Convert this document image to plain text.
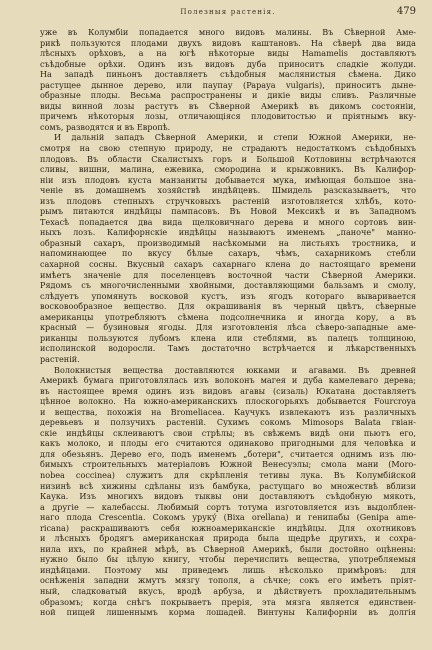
Полезныя растенія.	479
уже въ Колумбіи попадается много видовъ малины. Въ Сѣверной Аме-
рикѣ пользуются плодами двухъ видовъ каштановъ. На сѣверѣ два вида
лѣсныхъ орѣховъ, а на югѣ нѣкоторые виды Hamamelis доставляютъ
съѣдобные орѣхи. Одинъ изъ видовъ дуба приноситъ сладкіе жолуди.
На западѣ пиньонъ доставляетъ съѣдобныя маслянистыя сѣмена. Дико
растущее дынное дерево, или паупау (Papaya vulgaris), приноситъ дыне-
образные плоды. Весьма распространены и дикіе виды сливъ. Различные
виды винной лозы растутъ въ Сѣверной Америкѣ въ дикомъ состояніи,
причемъ нѣкоторыя лозы, отличающіяся плодовитостью и пріятнымъ вку-
сомъ, разводятся и въ Европѣ.
И дальній западъ Сѣверной Америки, и степи Южной Америки, не-
смотря на свою степную природу, не страдаютъ недостаткомъ съѣдобныхъ
плодовъ. Въ области Скалистыхъ горъ и Большой Котловины встрѣчаются
сливы, вишни, малина, ежевика, смородина и крыжовникъ. Въ Калифор-
ніи изъ плодовъ куста манзаниты добывается мука, имѣющая большое зна-
ченіе въ домашнемъ хозяйствѣ индѣйцевъ. Шмидель разсказываетъ, что
изъ плодовъ степныхъ стручковыхъ растеній изготовляется хлѣбъ, кото-
рымъ питаются индѣйцы пампасовъ. Въ Новой Мексикѣ и въ Западномъ
Техасѣ попадается два вида щелковичнаго дерева и много сортовъ вин-
ныхъ лозъ. Калифорнскіе индѣйцы называютъ именемъ „паноче" манно-
образный сахаръ, производимый насѣкомыми на листьяхъ тростника, и
напоминающее по вкусу бѣлые сахаръ, чѣмъ, сахарникомъ стебли
сахарной сосны. Вкусный сахаръ сахарнаго клена до настоящаго времени
имѣетъ значеніе для поселенцевъ восточной части Сѣверной Америки.
Рядомъ съ многочисленными хвойными, доставляющими бальзамъ и смолу,
слѣдуетъ упомянуть восковой кустъ, изъ ягодъ котораго вываривается
восковообразное вещество. Для окрашиванія въ черный цвѣтъ, сѣверные
американцы употребляютъ сѣмена подсолнечника и иногда кору, а въ
красный — бузиновыя ягоды. Для изготовленія лѣса сѣверо-западные аме-
риканцы пользуются лубомъ клена или стеблями, въ палецъ толщиною,
исполинской водоросли. Тамъ достаточно встрѣчается и лѣкарственныхъ
растеній.
Волокнистыя вещества доставляются юкками и агавами. Въ древней
Америкѣ бумага приготовлялась изъ волоконъ магея и дуба камелеваго дерева;
въ настоящее время одинъ изъ видовъ агавы (сизаль) Юкатана доставляетъ
цѣнное волокно. На южно-американскихъ плоскогорьяхъ добывается Fourcroya
и вещества, похожія на Bromeliacea. Каучукъ извлекаютъ изъ различныхъ
деревьевъ и ползучихъ растеній. Сухимъ сокомъ Mimosops Balata гвіан-
скіе индѣйцы склеиваютъ свои стрѣлы; въ свѣжемъ видѣ они пьютъ его,
какъ молоко, и плоды его считаются одинаково пригодными для человѣка и
для обезьянъ. Дерево его, подъ именемъ „ботери", считается однимъ изъ лю-
бимыхъ строительныхъ матеріаловъ Южной Венесуэлы; смола мани (Moro-
nobea coccinea) служитъ для скрѣпленія тетивы лука. Въ Колумбійской
низинѣ всѣ хижины сдѣланы изъ бамбука, растущаго во множествѣ вблизи
Каука. Изъ многихъ видовъ тыквы они доставляютъ съѣдобную мякоть,
а другіе — калебассы. Любимый сортъ тотума изготовляется изъ выдолблен-
наго плода Crescentia. Сокомъ урукý (Bixa orellana) и генипабы (Genipa ame-
ricana) раскрашиваютъ себя южноамериканскіе индѣйцы. Для охотниковъ
и лѣсныхъ бродягъ американская природа была щедрѣе другихъ, и сохра-
нила ихъ, по крайней мѣрѣ, въ Сѣверной Америкѣ, были достойно оцѣнены:
нужно было бы цѣлую книгу, чтобы перечислить вещества, употребляемыя
индѣйцами. Поэтому мы приведемъ лишь нѣсколько примѣровъ: для
оснѣженія западни жмутъ мязгу тополя, а сѣчке; сокъ его имѣетъ пріят-
ный, сладковатый вкусъ, вродѣ арбуза, и дѣйствуетъ прохладительнымъ
образомъ; когда снѣгъ покрываетъ прерія, эта мязга является единствен-
ной пищей лишеннымъ корма лошадей. Винтуны Калифорніи въ долгія
